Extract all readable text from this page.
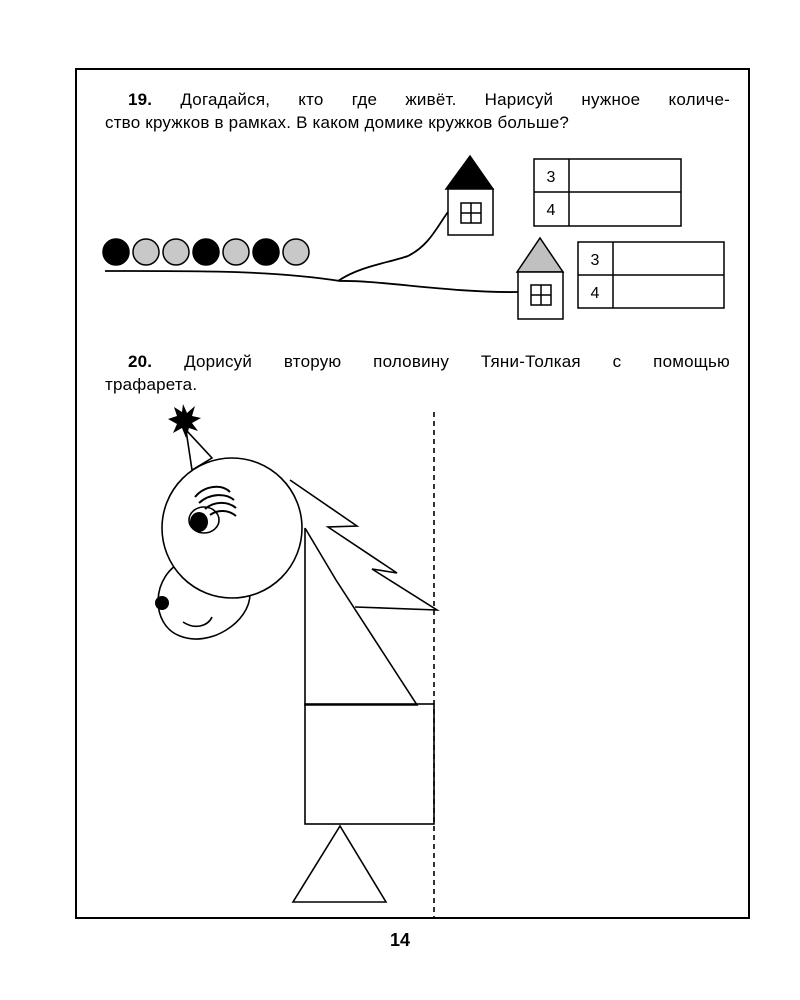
19. Догадайся, кто где живёт. Нарисуй нужное количе-
ство кружков в рамках. В каком домике кружков больше?
20. Дорисуй вторую половину Тяни-Толкая с помощью
трафарета.
3
4
3
4
14
